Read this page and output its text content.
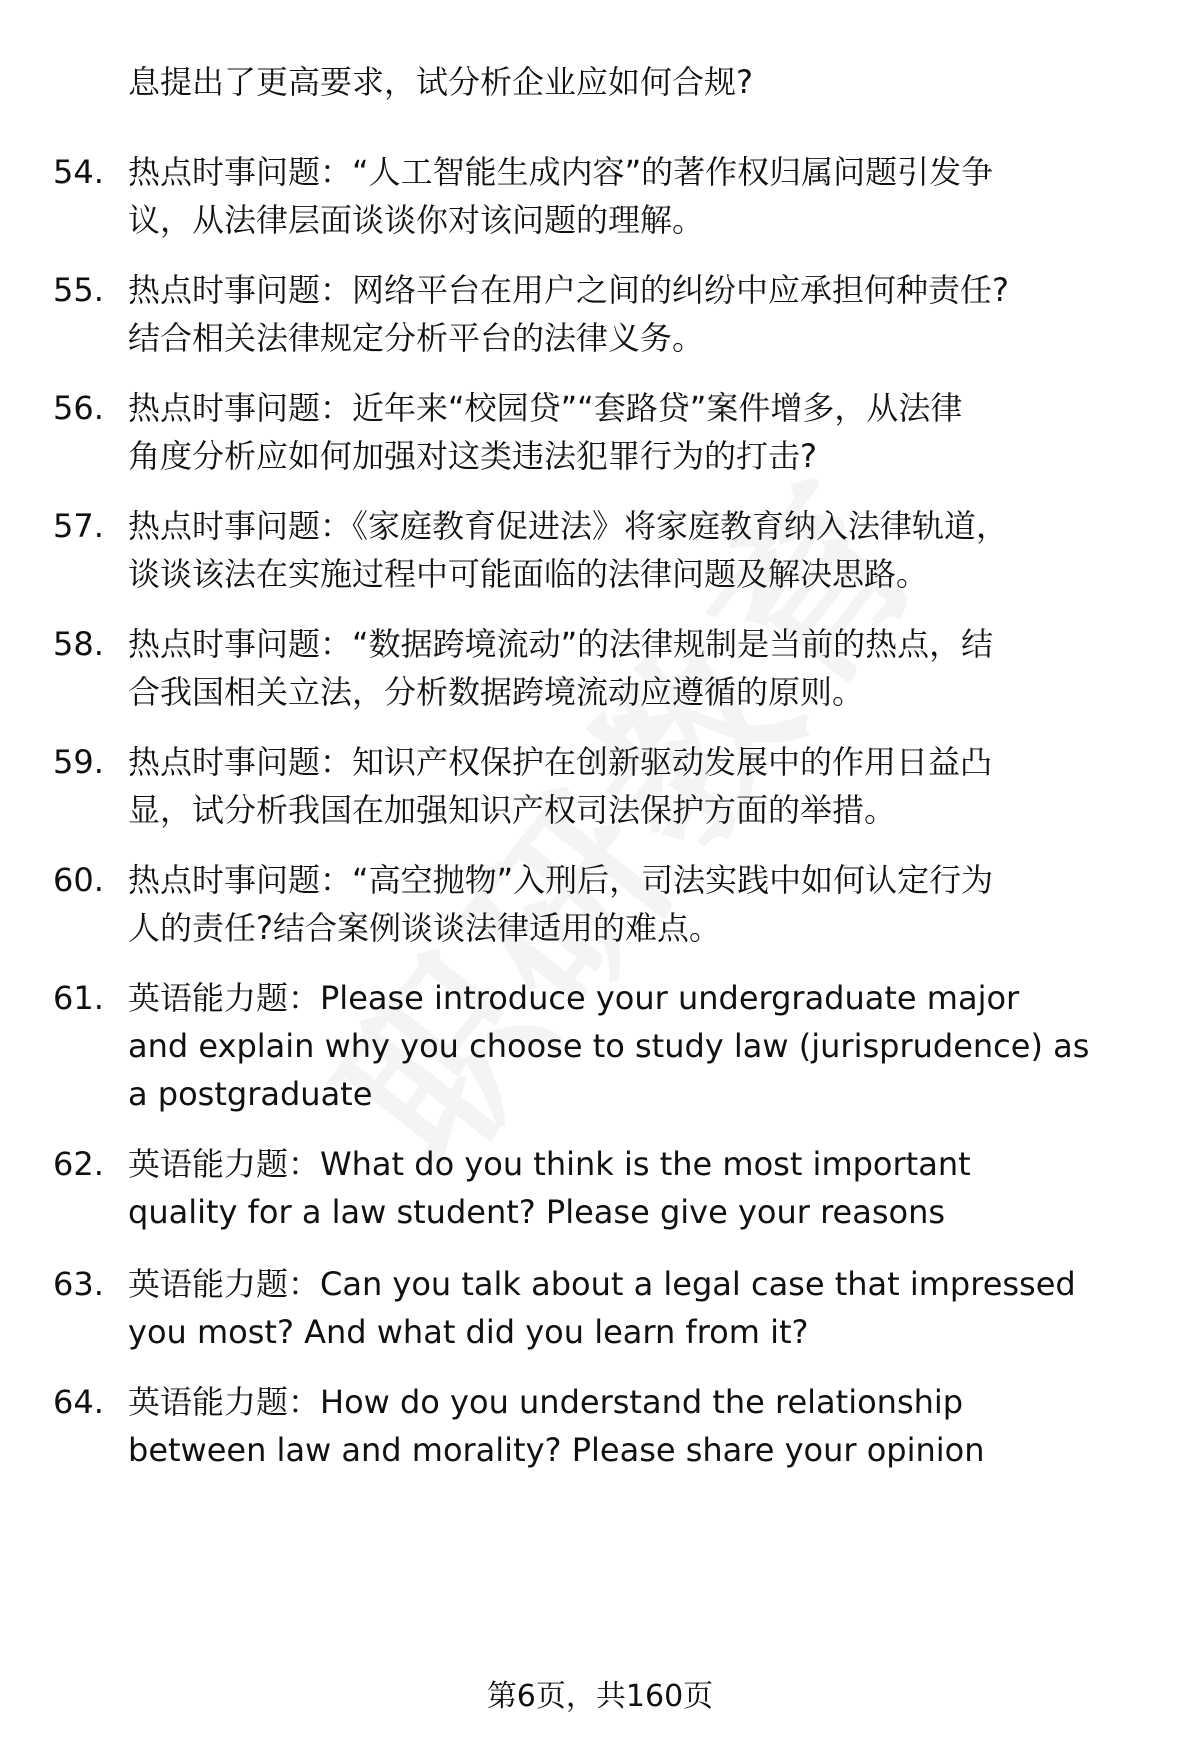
息提出了更高要求，试分析企业应如何合规?
54. 热点时事问题：“人工智能生成内容”的著作权归属问题引发争
议，从法律层面谈谈你对该问题的理解。
55. 热点时事问题：网络平台在用户之间的纠纷中应承担何种责任?
结合相关法律规定分析平台的法律义务。
56. 热点时事问题：近年来“校园贷”“套路贷”案件增多，从法律
角度分析应如何加强对这类违法犯罪行为的打击?
57. 热点时事问题：《家庭教育促进法》将家庭教育纳入法律轨道，
谈谈该法在实施过程中可能面临的法律问题及解决思路。
58. 热点时事问题：“数据跨境流动”的法律规制是当前的热点，结
合我国相关立法，分析数据跨境流动应遵循的原则。
59. 热点时事问题：知识产权保护在创新驱动发展中的作用日益凸
显，试分析我国在加强知识产权司法保护方面的举措。
60. 热点时事问题：“高空抛物”入刑后，司法实践中如何认定行为
人的责任?结合案例谈谈法律适用的难点。
61. 英语能力题：Please introduce your undergraduate major
and explain why you choose to study law (jurisprudence) as
a postgraduate
62. 英语能力题：What do you think is the most important
quality for a law student? Please give your reasons
63. 英语能力题：Can you talk about a legal case that impressed
you most? And what did you learn from it?
64. 英语能力题：How do you understand the relationship
between law and morality? Please share your opinion
第6页，共160页
